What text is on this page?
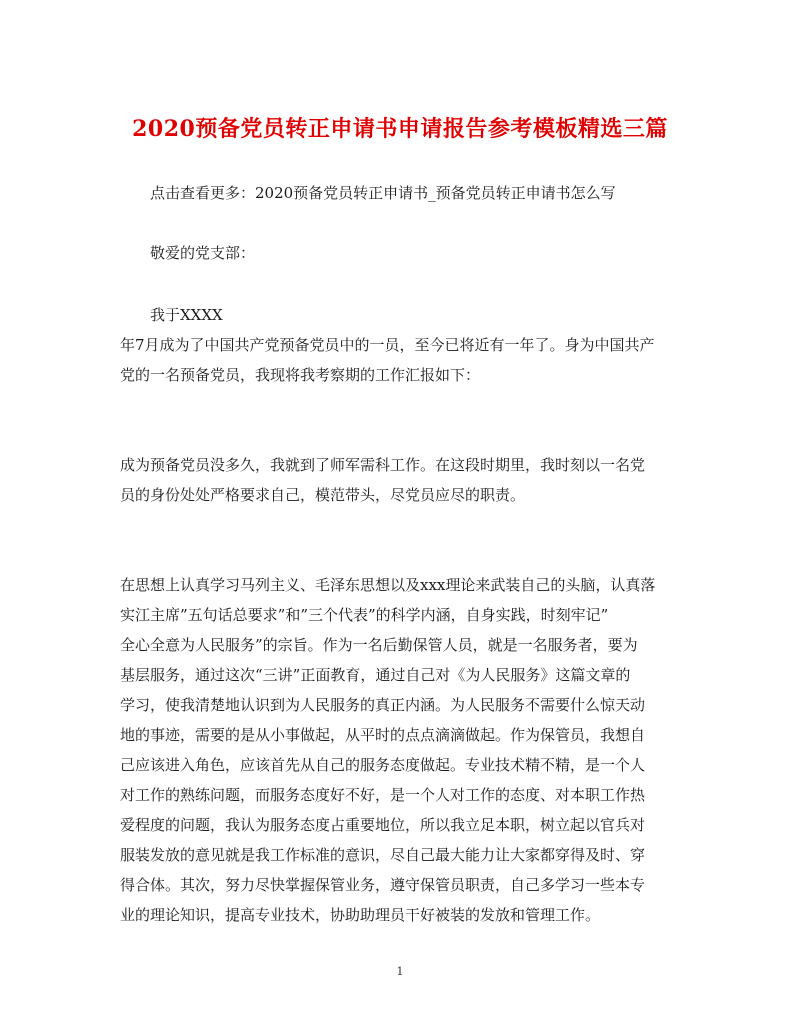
2020预备党员转正申请书申请报告参考模板精选三篇

点击查看更多：2020预备党员转正申请书_预备党员转正申请书怎么写

敬爱的党支部：

我于XXXX
年7月成为了中国共产党预备党员中的一员，至今已将近有一年了。身为中国共产
党的一名预备党员，我现将我考察期的工作汇报如下：

成为预备党员没多久，我就到了师军需科工作。在这段时期里，我时刻以一名党
员的身份处处严格要求自己，模范带头，尽党员应尽的职责。

在思想上认真学习马列主义、毛泽东思想以及xxx理论来武装自己的头脑，认真落
实江主席”五句话总要求”和”三个代表”的科学内涵，自身实践，时刻牢记”
全心全意为人民服务”的宗旨。作为一名后勤保管人员，就是一名服务者，要为
基层服务，通过这次“三讲”正面教育，通过自己对《为人民服务》这篇文章的
学习，使我清楚地认识到为人民服务的真正内涵。为人民服务不需要什么惊天动
地的事迹，需要的是从小事做起，从平时的点点滴滴做起。作为保管员，我想自
己应该进入角色，应该首先从自己的服务态度做起。专业技术精不精，是一个人
对工作的熟练问题，而服务态度好不好，是一个人对工作的态度、对本职工作热
爱程度的问题，我认为服务态度占重要地位，所以我立足本职，树立起以官兵对
服装发放的意见就是我工作标准的意识，尽自己最大能力让大家都穿得及时、穿
得合体。其次，努力尽快掌握保管业务，遵守保管员职责，自己多学习一些本专
业的理论知识，提高专业技术，协助助理员干好被装的发放和管理工作。

1
